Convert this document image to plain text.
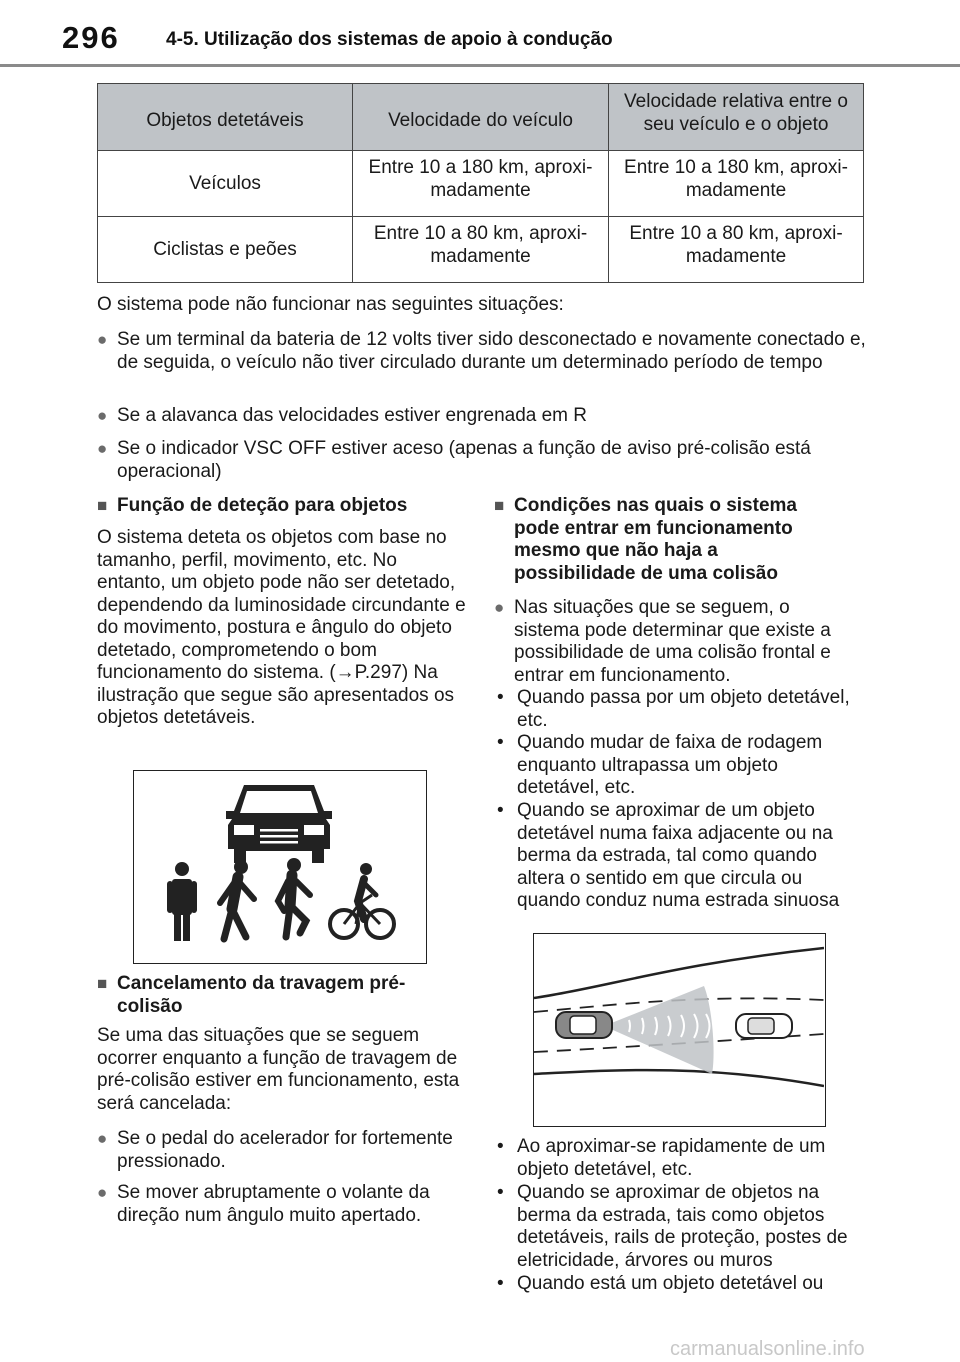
296 4-5. Utilização dos sistemas de apoio à condução
Objetos detetáveis	Velocidade do veículo	Velocidade relativa entre o seu veículo e o objeto
Veículos	Entre 10 a 180 km, aproxi-madamente	Entre 10 a 180 km, aproxi-madamente
Ciclistas e peões	Entre 10 a 80 km, aproxi-madamente	Entre 10 a 80 km, aproxi-madamente
O sistema pode não funcionar nas seguintes situações:
● Se um terminal da bateria de 12 volts tiver sido desconectado e novamente conectado e, de seguida, o veículo não tiver circulado durante um determinado período de tempo
● Se a alavanca das velocidades estiver engrenada em R
● Se o indicador VSC OFF estiver aceso (apenas a função de aviso pré-colisão está operacional)
■ Função de deteção para objetos
O sistema deteta os objetos com base no tamanho, perfil, movimento, etc. No entanto, um objeto pode não ser detetado, dependendo da luminosidade circundante e do movimento, postura e ângulo do objeto detetado, comprometendo o bom funcionamento do sistema. (→P.297) Na ilustração que segue são apresentados os objetos detetáveis.
■ Cancelamento da travagem pré-colisão
Se uma das situações que se seguem ocorrer enquanto a função de travagem de pré-colisão estiver em funcionamento, esta será cancelada:
● Se o pedal do acelerador for fortemente pressionado.
● Se mover abruptamente o volante da direção num ângulo muito apertado.
■ Condições nas quais o sistema pode entrar em funcionamento mesmo que não haja a possibilidade de uma colisão
● Nas situações que se seguem, o sistema pode determinar que existe a possibilidade de uma colisão frontal e entrar em funcionamento.
• Quando passa por um objeto detetável, etc.
• Quando mudar de faixa de rodagem enquanto ultrapassa um objeto detetável, etc.
• Quando se aproximar de um objeto detetável numa faixa adjacente ou na berma da estrada, tal como quando altera o sentido em que circula ou quando conduz numa estrada sinuosa
• Ao aproximar-se rapidamente de um objeto detetável, etc.
• Quando se aproximar de objetos na berma da estrada, tais como objetos detetáveis, rails de proteção, postes de eletricidade, árvores ou muros
• Quando está um objeto detetável ou
carmanualsonline.info
